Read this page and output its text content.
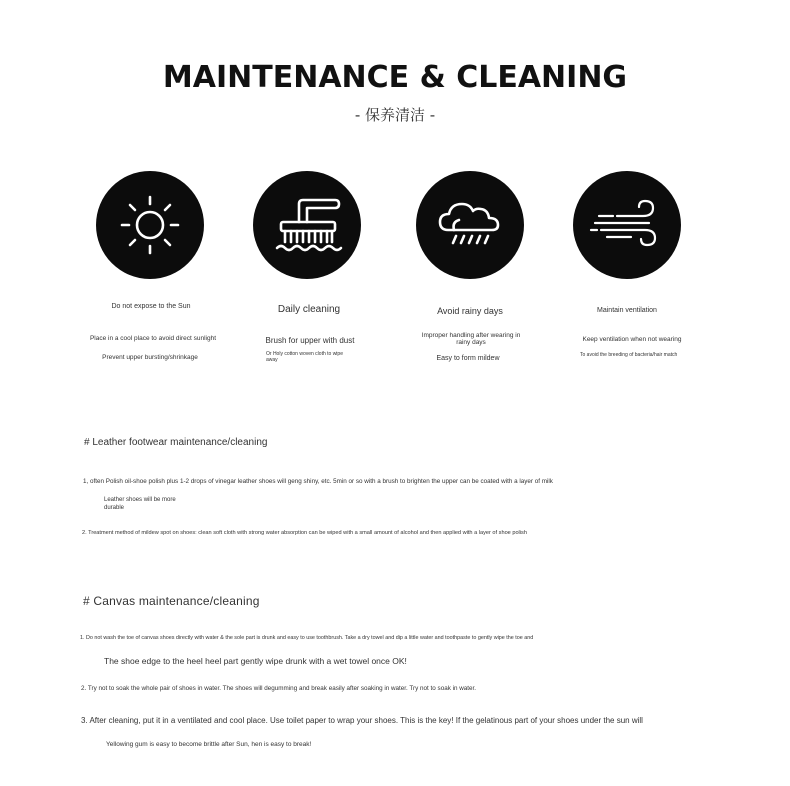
MAINTENANCE & CLEANING
- 保养清洁 -
Do not expose to the Sun
Place in a cool place to avoid direct sunlight
Prevent upper bursting/shrinkage
Daily cleaning
Brush for upper with dust
Or Holy cotton woven cloth to wipe away
Avoid rainy days
Improper handling after wearing in rainy days
Easy to form mildew
Maintain ventilation
Keep ventilation when not wearing
To avoid the breeding of bacteria/hair match
# Leather footwear maintenance/cleaning
1, often Polish oil-shoe polish plus 1-2 drops of vinegar leather shoes will geng shiny, etc. 5min or so with a brush to brighten the upper can be coated with a layer of milk
Leather shoes will be more durable
2. Treatment method of mildew spot on shoes: clean soft cloth with strong water absorption can be wiped with a small amount of alcohol and then applied with a layer of shoe polish
# Canvas maintenance/cleaning
1. Do not wash the toe of canvas shoes directly with water & the sole part is drunk and easy to use toothbrush. Take a dry towel and dip a little water and toothpaste to gently wipe the toe and
The shoe edge to the heel heel part gently wipe drunk with a wet towel once OK!
2. Try not to soak the whole pair of shoes in water. The shoes will degumming and break easily after soaking in water. Try not to soak in water.
3. After cleaning, put it in a ventilated and cool place. Use toilet paper to wrap your shoes. This is the key! If the gelatinous part of your shoes under the sun will
Yellowing gum is easy to become brittle after Sun, hen is easy to break!
